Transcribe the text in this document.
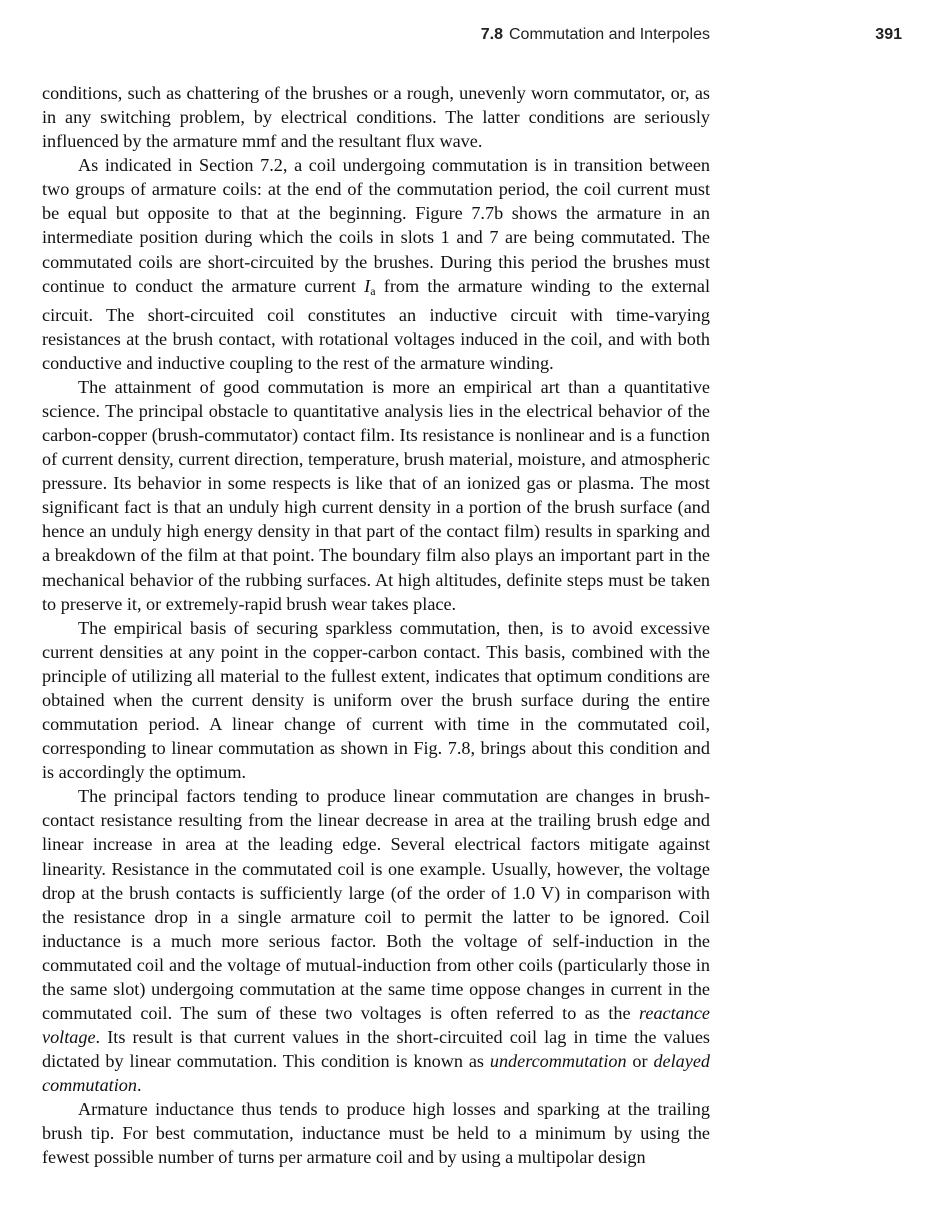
7.8 Commutation and Interpoles	391

conditions, such as chattering of the brushes or a rough, unevenly worn commutator, or, as in any switching problem, by electrical conditions. The latter conditions are seriously influenced by the armature mmf and the resultant flux wave.

As indicated in Section 7.2, a coil undergoing commutation is in transition between two groups of armature coils: at the end of the commutation period, the coil current must be equal but opposite to that at the beginning. Figure 7.7b shows the armature in an intermediate position during which the coils in slots 1 and 7 are being commutated. The commutated coils are short-circuited by the brushes. During this period the brushes must continue to conduct the armature current $I_a$ from the armature winding to the external circuit. The short-circuited coil constitutes an inductive circuit with time-varying resistances at the brush contact, with rotational voltages induced in the coil, and with both conductive and inductive coupling to the rest of the armature winding.

The attainment of good commutation is more an empirical art than a quantitative science. The principal obstacle to quantitative analysis lies in the electrical behavior of the carbon-copper (brush-commutator) contact film. Its resistance is nonlinear and is a function of current density, current direction, temperature, brush material, moisture, and atmospheric pressure. Its behavior in some respects is like that of an ionized gas or plasma. The most significant fact is that an unduly high current density in a portion of the brush surface (and hence an unduly high energy density in that part of the contact film) results in sparking and a breakdown of the film at that point. The boundary film also plays an important part in the mechanical behavior of the rubbing surfaces. At high altitudes, definite steps must be taken to preserve it, or extremely-rapid brush wear takes place.

The empirical basis of securing sparkless commutation, then, is to avoid excessive current densities at any point in the copper-carbon contact. This basis, combined with the principle of utilizing all material to the fullest extent, indicates that optimum conditions are obtained when the current density is uniform over the brush surface during the entire commutation period. A linear change of current with time in the commutated coil, corresponding to linear commutation as shown in Fig. 7.8, brings about this condition and is accordingly the optimum.

The principal factors tending to produce linear commutation are changes in brush-contact resistance resulting from the linear decrease in area at the trailing brush edge and linear increase in area at the leading edge. Several electrical factors mitigate against linearity. Resistance in the commutated coil is one example. Usually, however, the voltage drop at the brush contacts is sufficiently large (of the order of 1.0 V) in comparison with the resistance drop in a single armature coil to permit the latter to be ignored. Coil inductance is a much more serious factor. Both the voltage of self-induction in the commutated coil and the voltage of mutual-induction from other coils (particularly those in the same slot) undergoing commutation at the same time oppose changes in current in the commutated coil. The sum of these two voltages is often referred to as the reactance voltage. Its result is that current values in the short-circuited coil lag in time the values dictated by linear commutation. This condition is known as undercommutation or delayed commutation.

Armature inductance thus tends to produce high losses and sparking at the trailing brush tip. For best commutation, inductance must be held to a minimum by using the fewest possible number of turns per armature coil and by using a multipolar design
